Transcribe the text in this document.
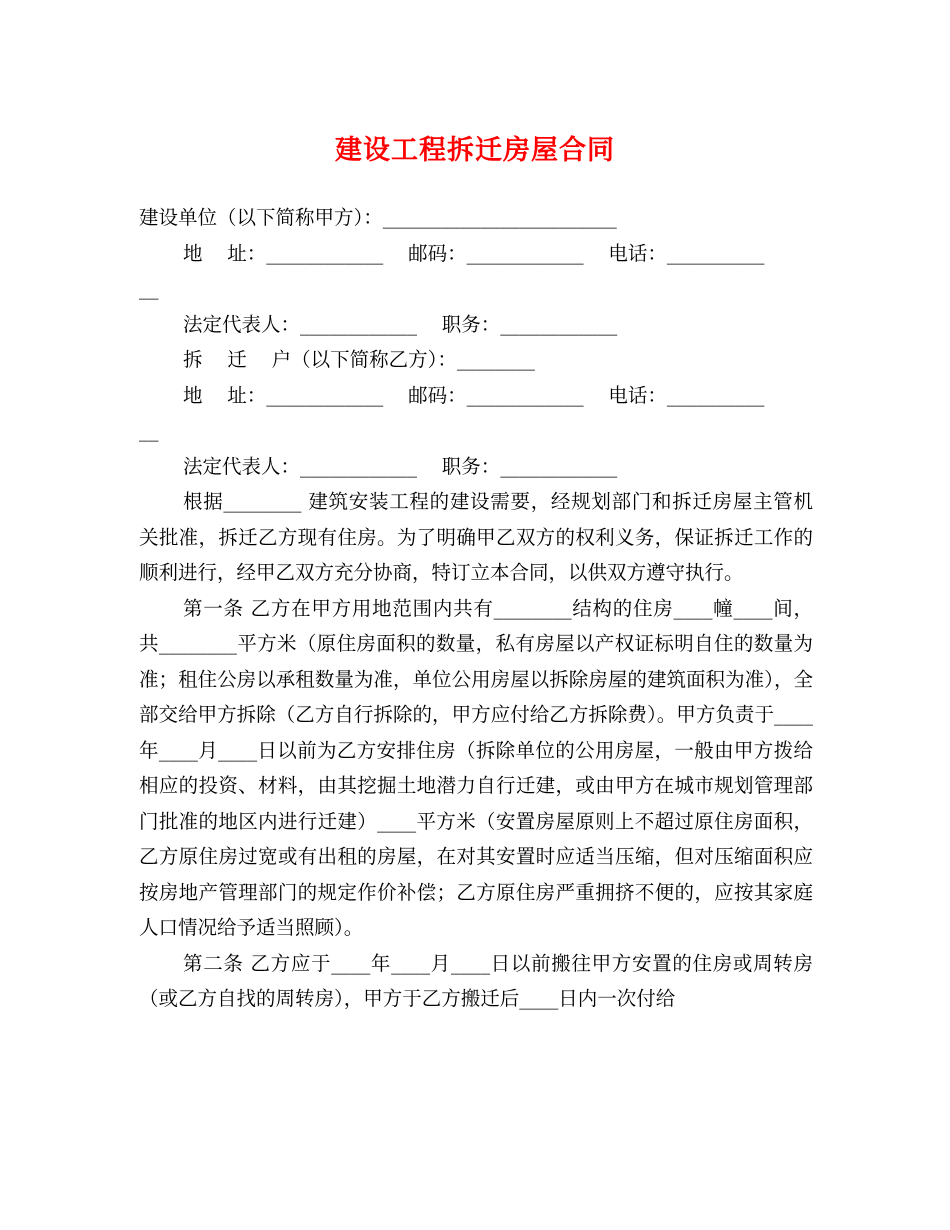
建设工程拆迁房屋合同
建设单位（以下简称甲方）：________________________
地    址：____________    邮码：____________    电话：__________
__
法定代表人：____________    职务：____________
拆    迁    户（以下简称乙方）：________
地    址：____________    邮码：____________    电话：__________
__
法定代表人：____________    职务：____________

根据________ 建筑安装工程的建设需要，经规划部门和拆迁房屋主管机关批准，拆迁乙方现有住房。为了明确甲乙双方的权利义务，保证拆迁工作的顺利进行，经甲乙双方充分协商，特订立本合同，以供双方遵守执行。

第一条 乙方在甲方用地范围内共有________结构的住房____幢____间，共________平方米（原住房面积的数量，私有房屋以产权证标明自住的数量为准；租住公房以承租数量为准，单位公用房屋以拆除房屋的建筑面积为准），全部交给甲方拆除（乙方自行拆除的，甲方应付给乙方拆除费）。甲方负责于____年____月____日以前为乙方安排住房（拆除单位的公用房屋，一般由甲方拨给相应的投资、材料，由其挖掘土地潜力自行迁建，或由甲方在城市规划管理部门批准的地区内进行迁建）____平方米（安置房屋原则上不超过原住房面积，乙方原住房过宽或有出租的房屋，在对其安置时应适当压缩，但对压缩面积应按房地产管理部门的规定作价补偿；乙方原住房严重拥挤不便的，应按其家庭人口情况给予适当照顾）。

第二条 乙方应于____年____月____日以前搬往甲方安置的住房或周转房（或乙方自找的周转房），甲方于乙方搬迁后____日内一次付给
